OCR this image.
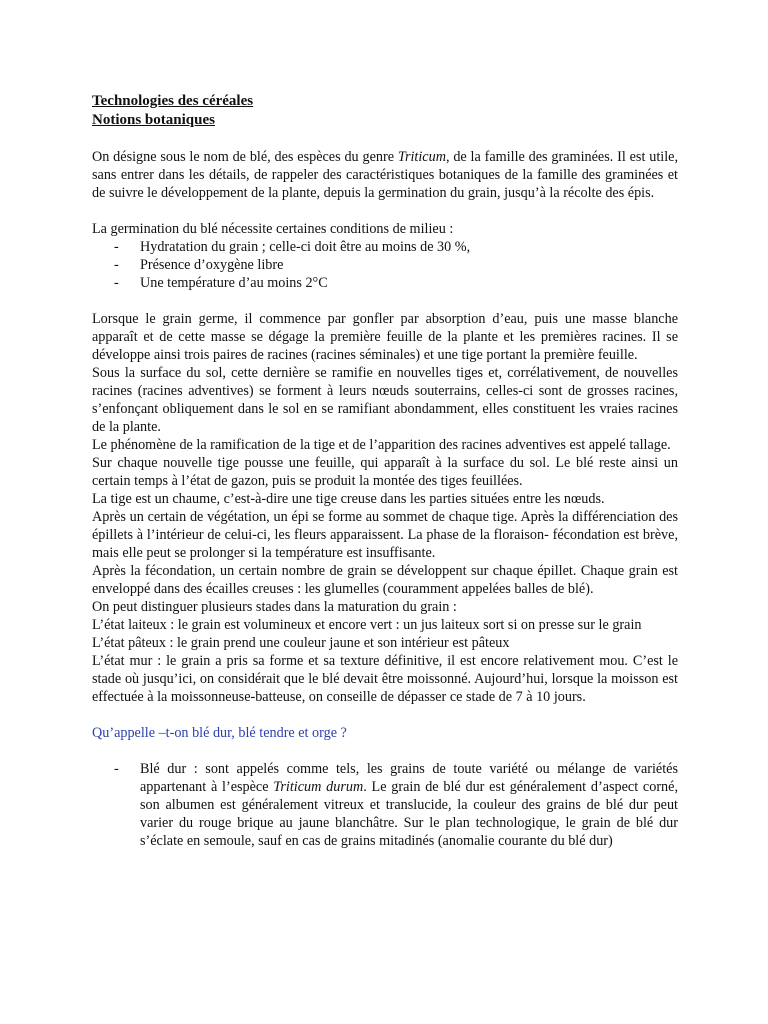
Technologies des céréales
Notions botaniques

On désigne sous le nom de blé, des espèces du genre Triticum, de la famille des graminées. Il est utile, sans entrer dans les détails, de rappeler des caractéristiques botaniques de la famille des graminées et de suivre le développement de la plante, depuis la germination du grain, jusqu’à la récolte des épis.

La germination du blé nécessite certaines conditions de milieu :

- Hydratation du grain ; celle-ci doit être au moins de 30 %,
- Présence d’oxygène libre
- Une température d’au moins 2°C

Lorsque le grain germe, il commence par gonfler par absorption d’eau, puis une masse blanche apparaît et de cette masse se dégage la première feuille de la plante et les premières racines. Il se développe ainsi trois paires de racines (racines séminales) et une tige portant la première feuille.

Sous la surface du sol, cette dernière se ramifie en nouvelles tiges et, corrélativement, de nouvelles racines (racines adventives) se forment à leurs nœuds souterrains, celles-ci sont de grosses racines, s’enfonçant obliquement dans le sol en se ramifiant abondamment, elles constituent les vraies racines de la plante.

Le phénomène de la ramification de la tige et de l’apparition des racines adventives est appelé tallage.

Sur chaque nouvelle tige pousse une feuille, qui apparaît à la surface du sol. Le blé reste ainsi un certain temps à l’état de gazon, puis se produit la montée des tiges feuillées.

La tige est un chaume, c’est-à-dire une tige creuse dans les parties situées entre les nœuds.

Après un certain de végétation, un épi se forme au sommet de chaque tige. Après la différenciation des épillets à l’intérieur de celui-ci, les fleurs apparaissent. La phase de la floraison- fécondation est brève, mais elle peut se prolonger si la température est insuffisante.

Après la fécondation, un certain nombre de grain se développent sur chaque épillet. Chaque grain est enveloppé dans des écailles creuses : les glumelles (couramment appelées balles de blé).

On peut distinguer plusieurs stades dans la maturation du grain :

L’état laiteux : le grain est volumineux et encore vert : un jus laiteux sort si on presse sur le grain

L’état pâteux : le grain prend une couleur jaune et son intérieur est pâteux

L’état mur : le grain a pris sa forme et sa texture définitive, il est encore relativement mou. C’est le stade où jusqu’ici, on considérait que le blé devait être moissonné. Aujourd’hui, lorsque la moisson est effectuée à la moissonneuse-batteuse, on conseille de dépasser ce stade de 7 à 10 jours.

Qu’appelle –t-on blé dur, blé tendre et orge ?

- Blé dur : sont appelés comme tels, les grains de toute variété ou mélange de variétés appartenant à l’espèce Triticum durum. Le grain de blé dur est généralement d’aspect corné, son albumen est généralement vitreux et translucide, la couleur des grains de blé dur peut varier du rouge brique au jaune blanchâtre. Sur le plan technologique, le grain de blé dur s’éclate en semoule, sauf en cas de grains mitadinés (anomalie courante du blé dur)
